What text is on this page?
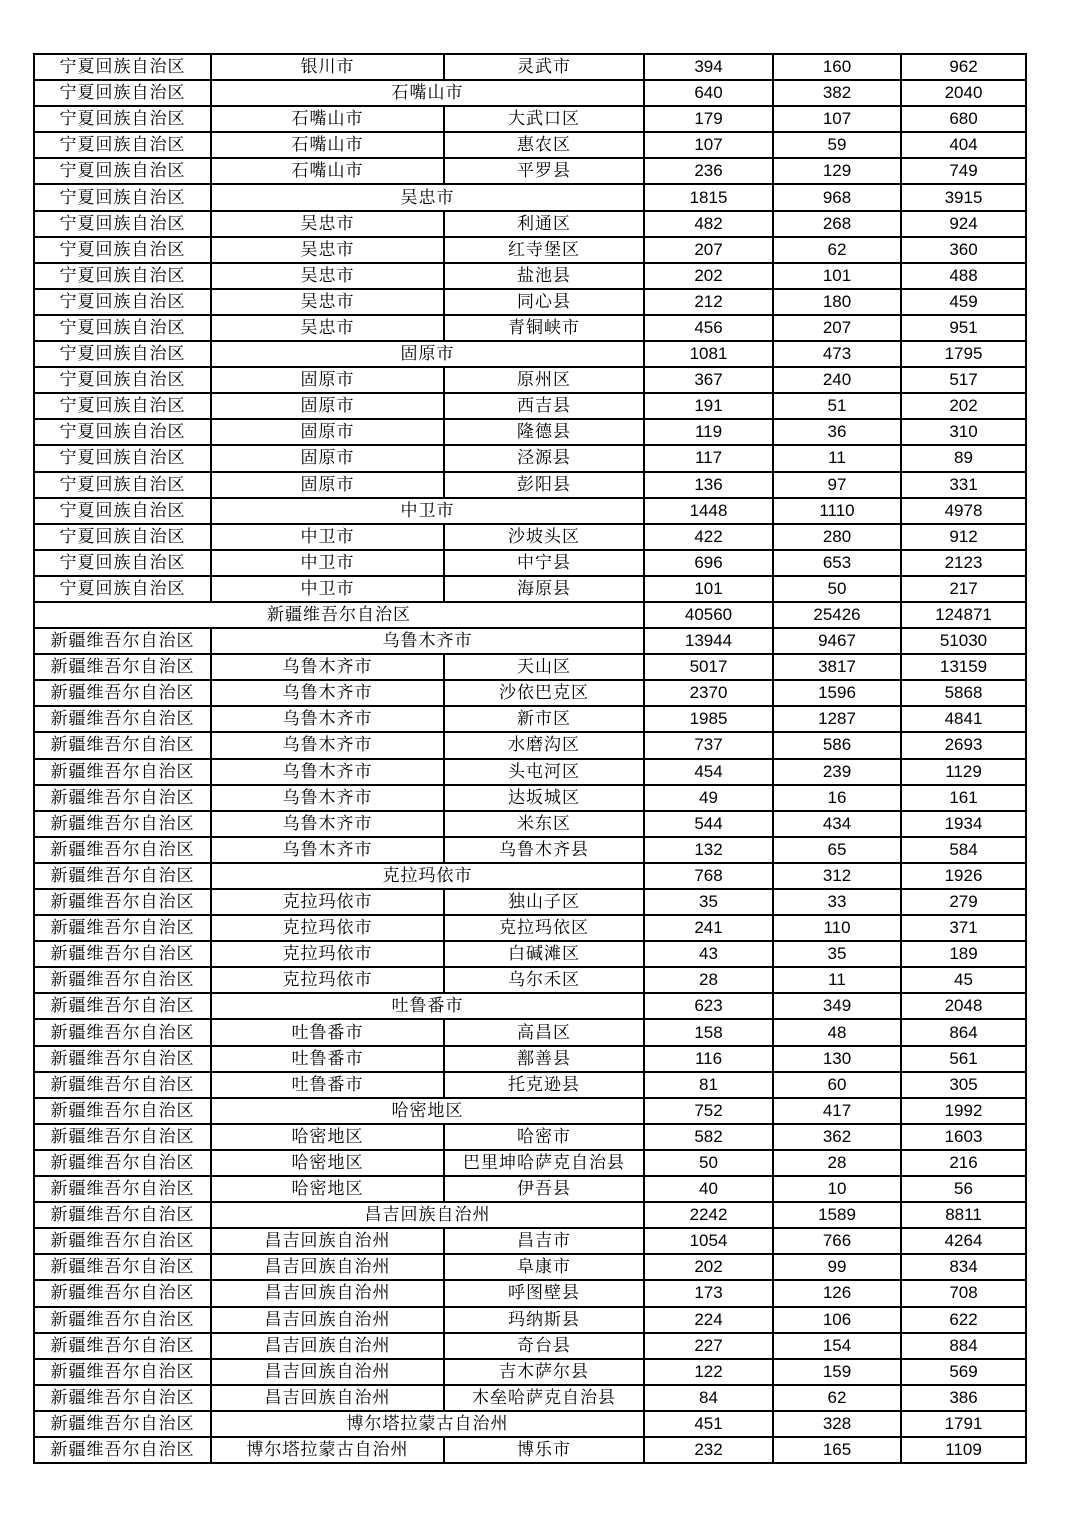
宁夏回族自治区	银川市	灵武市	394	160	962
宁夏回族自治区	石嘴山市		640	382	2040
宁夏回族自治区	石嘴山市	大武口区	179	107	680
宁夏回族自治区	石嘴山市	惠农区	107	59	404
宁夏回族自治区	石嘴山市	平罗县	236	129	749
宁夏回族自治区	吴忠市		1815	968	3915
宁夏回族自治区	吴忠市	利通区	482	268	924
宁夏回族自治区	吴忠市	红寺堡区	207	62	360
宁夏回族自治区	吴忠市	盐池县	202	101	488
宁夏回族自治区	吴忠市	同心县	212	180	459
宁夏回族自治区	吴忠市	青铜峡市	456	207	951
宁夏回族自治区	固原市		1081	473	1795
宁夏回族自治区	固原市	原州区	367	240	517
宁夏回族自治区	固原市	西吉县	191	51	202
宁夏回族自治区	固原市	隆德县	119	36	310
宁夏回族自治区	固原市	泾源县	117	11	89
宁夏回族自治区	固原市	彭阳县	136	97	331
宁夏回族自治区	中卫市		1448	1110	4978
宁夏回族自治区	中卫市	沙坡头区	422	280	912
宁夏回族自治区	中卫市	中宁县	696	653	2123
宁夏回族自治区	中卫市	海原县	101	50	217
新疆维吾尔自治区			40560	25426	124871
新疆维吾尔自治区	乌鲁木齐市		13944	9467	51030
新疆维吾尔自治区	乌鲁木齐市	天山区	5017	3817	13159
新疆维吾尔自治区	乌鲁木齐市	沙依巴克区	2370	1596	5868
新疆维吾尔自治区	乌鲁木齐市	新市区	1985	1287	4841
新疆维吾尔自治区	乌鲁木齐市	水磨沟区	737	586	2693
新疆维吾尔自治区	乌鲁木齐市	头屯河区	454	239	1129
新疆维吾尔自治区	乌鲁木齐市	达坂城区	49	16	161
新疆维吾尔自治区	乌鲁木齐市	米东区	544	434	1934
新疆维吾尔自治区	乌鲁木齐市	乌鲁木齐县	132	65	584
新疆维吾尔自治区	克拉玛依市		768	312	1926
新疆维吾尔自治区	克拉玛依市	独山子区	35	33	279
新疆维吾尔自治区	克拉玛依市	克拉玛依区	241	110	371
新疆维吾尔自治区	克拉玛依市	白碱滩区	43	35	189
新疆维吾尔自治区	克拉玛依市	乌尔禾区	28	11	45
新疆维吾尔自治区	吐鲁番市		623	349	2048
新疆维吾尔自治区	吐鲁番市	高昌区	158	48	864
新疆维吾尔自治区	吐鲁番市	鄯善县	116	130	561
新疆维吾尔自治区	吐鲁番市	托克逊县	81	60	305
新疆维吾尔自治区	哈密地区		752	417	1992
新疆维吾尔自治区	哈密地区	哈密市	582	362	1603
新疆维吾尔自治区	哈密地区	巴里坤哈萨克自治县	50	28	216
新疆维吾尔自治区	哈密地区	伊吾县	40	10	56
新疆维吾尔自治区	昌吉回族自治州		2242	1589	8811
新疆维吾尔自治区	昌吉回族自治州	昌吉市	1054	766	4264
新疆维吾尔自治区	昌吉回族自治州	阜康市	202	99	834
新疆维吾尔自治区	昌吉回族自治州	呼图壁县	173	126	708
新疆维吾尔自治区	昌吉回族自治州	玛纳斯县	224	106	622
新疆维吾尔自治区	昌吉回族自治州	奇台县	227	154	884
新疆维吾尔自治区	昌吉回族自治州	吉木萨尔县	122	159	569
新疆维吾尔自治区	昌吉回族自治州	木垒哈萨克自治县	84	62	386
新疆维吾尔自治区	博尔塔拉蒙古自治州		451	328	1791
新疆维吾尔自治区	博尔塔拉蒙古自治州	博乐市	232	165	1109
